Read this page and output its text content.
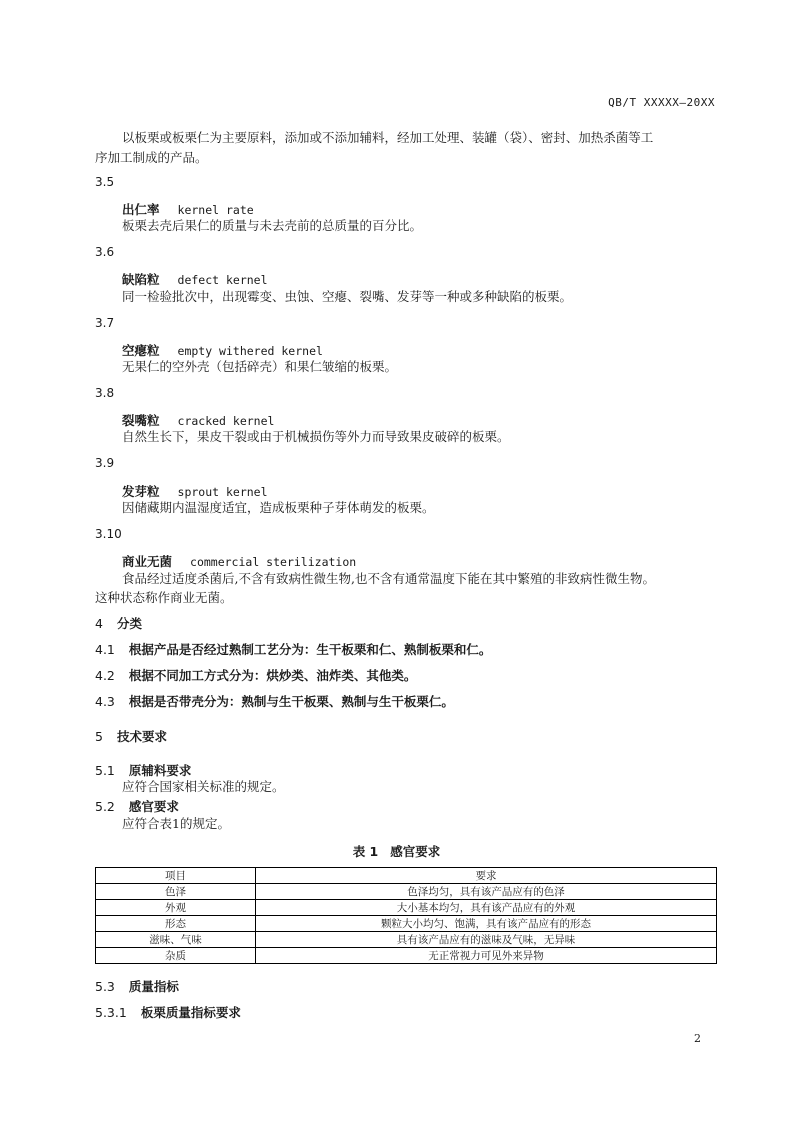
QB/T XXXXX—20XX
以板栗或板栗仁为主要原料，添加或不添加辅料，经加工处理、装罐（袋）、密封、加热杀菌等工
序加工制成的产品。
3.5
出仁率 kernel rate
板栗去壳后果仁的质量与未去壳前的总质量的百分比。
3.6
缺陷粒 defect kernel
同一检验批次中，出现霉变、虫蚀、空瘪、裂嘴、发芽等一种或多种缺陷的板栗。
3.7
空瘪粒 empty withered kernel
无果仁的空外壳（包括碎壳）和果仁皱缩的板栗。
3.8
裂嘴粒 cracked kernel
自然生长下，果皮干裂或由于机械损伤等外力而导致果皮破碎的板栗。
3.9
发芽粒 sprout kernel
因储藏期内温湿度适宜，造成板栗种子芽体萌发的板栗。
3.10
商业无菌 commercial sterilization
食品经过适度杀菌后,不含有致病性微生物,也不含有通常温度下能在其中繁殖的非致病性微生物。
这种状态称作商业无菌。
4 分类
4.1 根据产品是否经过熟制工艺分为：生干板栗和仁、熟制板栗和仁。
4.2 根据不同加工方式分为：烘炒类、油炸类、其他类。
4.3 根据是否带壳分为：熟制与生干板栗、熟制与生干板栗仁。
5 技术要求
5.1 原辅料要求
应符合国家相关标准的规定。
5.2 感官要求
应符合表1的规定。
表 1 感官要求
项目	要求
色泽	色泽均匀，具有该产品应有的色泽
外观	大小基本均匀，具有该产品应有的外观
形态	颗粒大小均匀、饱满，具有该产品应有的形态
滋味、气味	具有该产品应有的滋味及气味，无异味
杂质	无正常视力可见外来异物
5.3 质量指标
5.3.1 板栗质量指标要求
2
